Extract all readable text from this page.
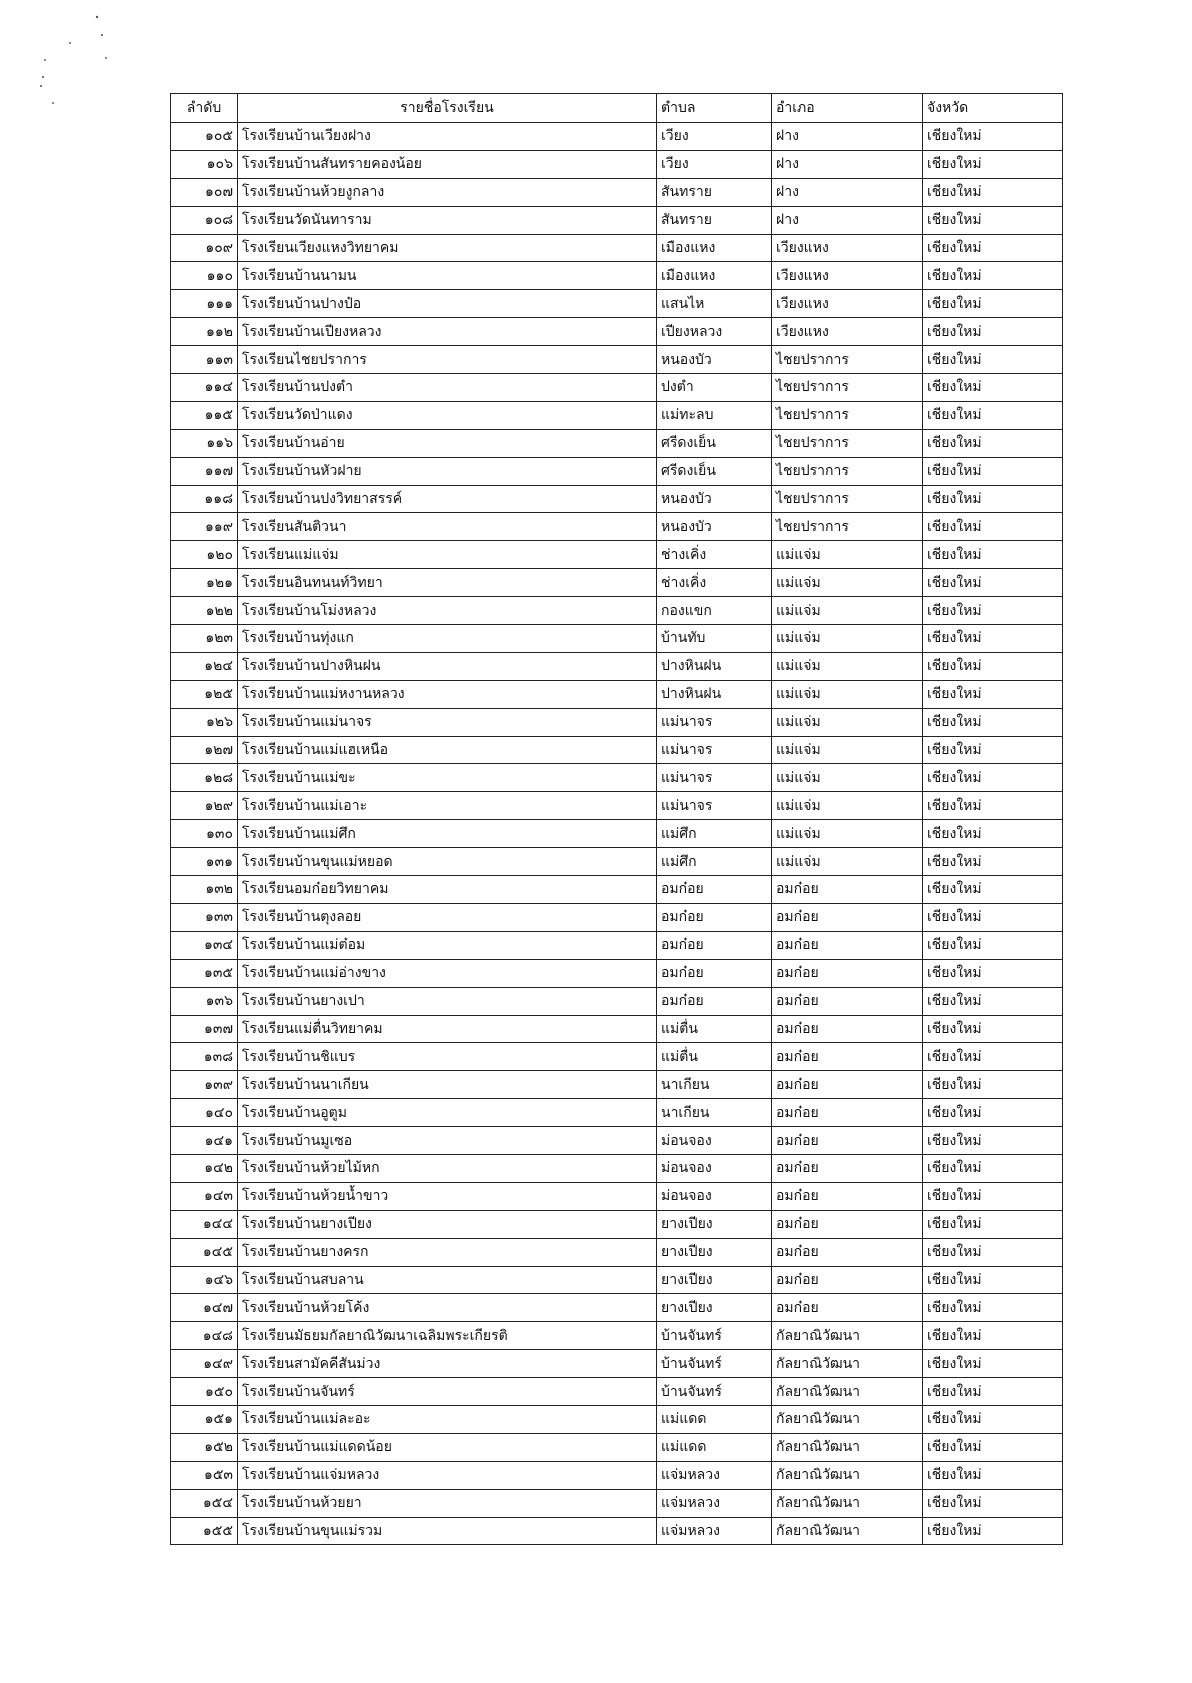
ลำดับ	รายชื่อโรงเรียน	ตำบล	อำเภอ	จังหวัด
๑๐๕	โรงเรียนบ้านเวียงฝาง	เวียง	ฝาง	เชียงใหม่
๑๐๖	โรงเรียนบ้านสันทรายคองน้อย	เวียง	ฝาง	เชียงใหม่
๑๐๗	โรงเรียนบ้านห้วยงูกลาง	สันทราย	ฝาง	เชียงใหม่
๑๐๘	โรงเรียนวัดนันทาราม	สันทราย	ฝาง	เชียงใหม่
๑๐๙	โรงเรียนเวียงแหงวิทยาคม	เมืองแหง	เวียงแหง	เชียงใหม่
๑๑๐	โรงเรียนบ้านนามน	เมืองแหง	เวียงแหง	เชียงใหม่
๑๑๑	โรงเรียนบ้านปางป๋อ	แสนไห	เวียงแหง	เชียงใหม่
๑๑๒	โรงเรียนบ้านเปียงหลวง	เปียงหลวง	เวียงแหง	เชียงใหม่
๑๑๓	โรงเรียนไชยปราการ	หนองบัว	ไชยปราการ	เชียงใหม่
๑๑๔	โรงเรียนบ้านปงตำ	ปงตำ	ไชยปราการ	เชียงใหม่
๑๑๕	โรงเรียนวัดป่าแดง	แม่ทะลบ	ไชยปราการ	เชียงใหม่
๑๑๖	โรงเรียนบ้านอ่าย	ศรีดงเย็น	ไชยปราการ	เชียงใหม่
๑๑๗	โรงเรียนบ้านหัวฝาย	ศรีดงเย็น	ไชยปราการ	เชียงใหม่
๑๑๘	โรงเรียนบ้านปงวิทยาสรรค์	หนองบัว	ไชยปราการ	เชียงใหม่
๑๑๙	โรงเรียนสันติวนา	หนองบัว	ไชยปราการ	เชียงใหม่
๑๒๐	โรงเรียนแม่แจ่ม	ช่างเคิ่ง	แม่แจ่ม	เชียงใหม่
๑๒๑	โรงเรียนอินทนนท์วิทยา	ช่างเคิ่ง	แม่แจ่ม	เชียงใหม่
๑๒๒	โรงเรียนบ้านโม่งหลวง	กองแขก	แม่แจ่ม	เชียงใหม่
๑๒๓	โรงเรียนบ้านทุ่งแก	บ้านทับ	แม่แจ่ม	เชียงใหม่
๑๒๔	โรงเรียนบ้านปางหินฝน	ปางหินฝน	แม่แจ่ม	เชียงใหม่
๑๒๕	โรงเรียนบ้านแม่หงานหลวง	ปางหินฝน	แม่แจ่ม	เชียงใหม่
๑๒๖	โรงเรียนบ้านแม่นาจร	แม่นาจร	แม่แจ่ม	เชียงใหม่
๑๒๗	โรงเรียนบ้านแม่แฮเหนือ	แม่นาจร	แม่แจ่ม	เชียงใหม่
๑๒๘	โรงเรียนบ้านแม่ขะ	แม่นาจร	แม่แจ่ม	เชียงใหม่
๑๒๙	โรงเรียนบ้านแม่เอาะ	แม่นาจร	แม่แจ่ม	เชียงใหม่
๑๓๐	โรงเรียนบ้านแม่ศึก	แม่ศึก	แม่แจ่ม	เชียงใหม่
๑๓๑	โรงเรียนบ้านขุนแม่หยอด	แม่ศึก	แม่แจ่ม	เชียงใหม่
๑๓๒	โรงเรียนอมก๋อยวิทยาคม	อมก๋อย	อมก๋อย	เชียงใหม่
๑๓๓	โรงเรียนบ้านตุงลอย	อมก๋อย	อมก๋อย	เชียงใหม่
๑๓๔	โรงเรียนบ้านแม่ต๋อม	อมก๋อย	อมก๋อย	เชียงใหม่
๑๓๕	โรงเรียนบ้านแม่อ่างขาง	อมก๋อย	อมก๋อย	เชียงใหม่
๑๓๖	โรงเรียนบ้านยางเปา	อมก๋อย	อมก๋อย	เชียงใหม่
๑๓๗	โรงเรียนแม่ตื่นวิทยาคม	แม่ตื่น	อมก๋อย	เชียงใหม่
๑๓๘	โรงเรียนบ้านชิแบร	แม่ตื่น	อมก๋อย	เชียงใหม่
๑๓๙	โรงเรียนบ้านนาเกียน	นาเกียน	อมก๋อย	เชียงใหม่
๑๔๐	โรงเรียนบ้านอูตูม	นาเกียน	อมก๋อย	เชียงใหม่
๑๔๑	โรงเรียนบ้านมูเซอ	ม่อนจอง	อมก๋อย	เชียงใหม่
๑๔๒	โรงเรียนบ้านห้วยไม้หก	ม่อนจอง	อมก๋อย	เชียงใหม่
๑๔๓	โรงเรียนบ้านห้วยน้ำขาว	ม่อนจอง	อมก๋อย	เชียงใหม่
๑๔๔	โรงเรียนบ้านยางเปียง	ยางเปียง	อมก๋อย	เชียงใหม่
๑๔๕	โรงเรียนบ้านยางครก	ยางเปียง	อมก๋อย	เชียงใหม่
๑๔๖	โรงเรียนบ้านสบลาน	ยางเปียง	อมก๋อย	เชียงใหม่
๑๔๗	โรงเรียนบ้านห้วยโค้ง	ยางเปียง	อมก๋อย	เชียงใหม่
๑๔๘	โรงเรียนมัธยมกัลยาณิวัฒนาเฉลิมพระเกียรติ	บ้านจันทร์	กัลยาณิวัฒนา	เชียงใหม่
๑๔๙	โรงเรียนสามัคคีสันม่วง	บ้านจันทร์	กัลยาณิวัฒนา	เชียงใหม่
๑๕๐	โรงเรียนบ้านจันทร์	บ้านจันทร์	กัลยาณิวัฒนา	เชียงใหม่
๑๕๑	โรงเรียนบ้านแม่ละอะ	แม่แดด	กัลยาณิวัฒนา	เชียงใหม่
๑๕๒	โรงเรียนบ้านแม่แดดน้อย	แม่แดด	กัลยาณิวัฒนา	เชียงใหม่
๑๕๓	โรงเรียนบ้านแจ่มหลวง	แจ่มหลวง	กัลยาณิวัฒนา	เชียงใหม่
๑๕๔	โรงเรียนบ้านห้วยยา	แจ่มหลวง	กัลยาณิวัฒนา	เชียงใหม่
๑๕๕	โรงเรียนบ้านขุนแม่รวม	แจ่มหลวง	กัลยาณิวัฒนา	เชียงใหม่
